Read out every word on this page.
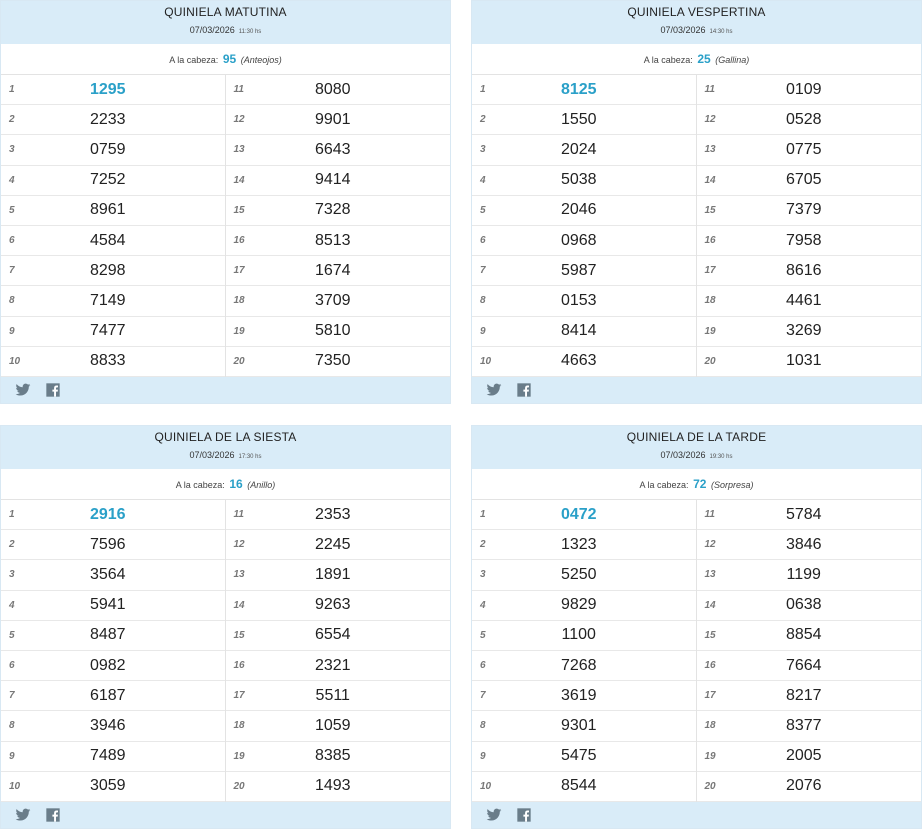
QUINIELA MATUTINA
07/03/2026 11:30 hs
A la cabeza: 95 (Anteojos)
1	1295
2	2233
3	0759
4	7252
5	8961
6	4584
7	8298
8	7149
9	7477
10	8833
11	8080
12	9901
13	6643
14	9414
15	7328
16	8513
17	1674
18	3709
19	5810
20	7350
QUINIELA VESPERTINA
07/03/2026 14:30 hs
A la cabeza: 25 (Gallina)
1	8125
2	1550
3	2024
4	5038
5	2046
6	0968
7	5987
8	0153
9	8414
10	4663
11	0109
12	0528
13	0775
14	6705
15	7379
16	7958
17	8616
18	4461
19	3269
20	1031
QUINIELA DE LA SIESTA
07/03/2026 17:30 hs
A la cabeza: 16 (Anillo)
1	2916
2	7596
3	3564
4	5941
5	8487
6	0982
7	6187
8	3946
9	7489
10	3059
11	2353
12	2245
13	1891
14	9263
15	6554
16	2321
17	5511
18	1059
19	8385
20	1493
QUINIELA DE LA TARDE
07/03/2026 19:30 hs
A la cabeza: 72 (Sorpresa)
1	0472
2	1323
3	5250
4	9829
5	1100
6	7268
7	3619
8	9301
9	5475
10	8544
11	5784
12	3846
13	1199
14	0638
15	8854
16	7664
17	8217
18	8377
19	2005
20	2076
